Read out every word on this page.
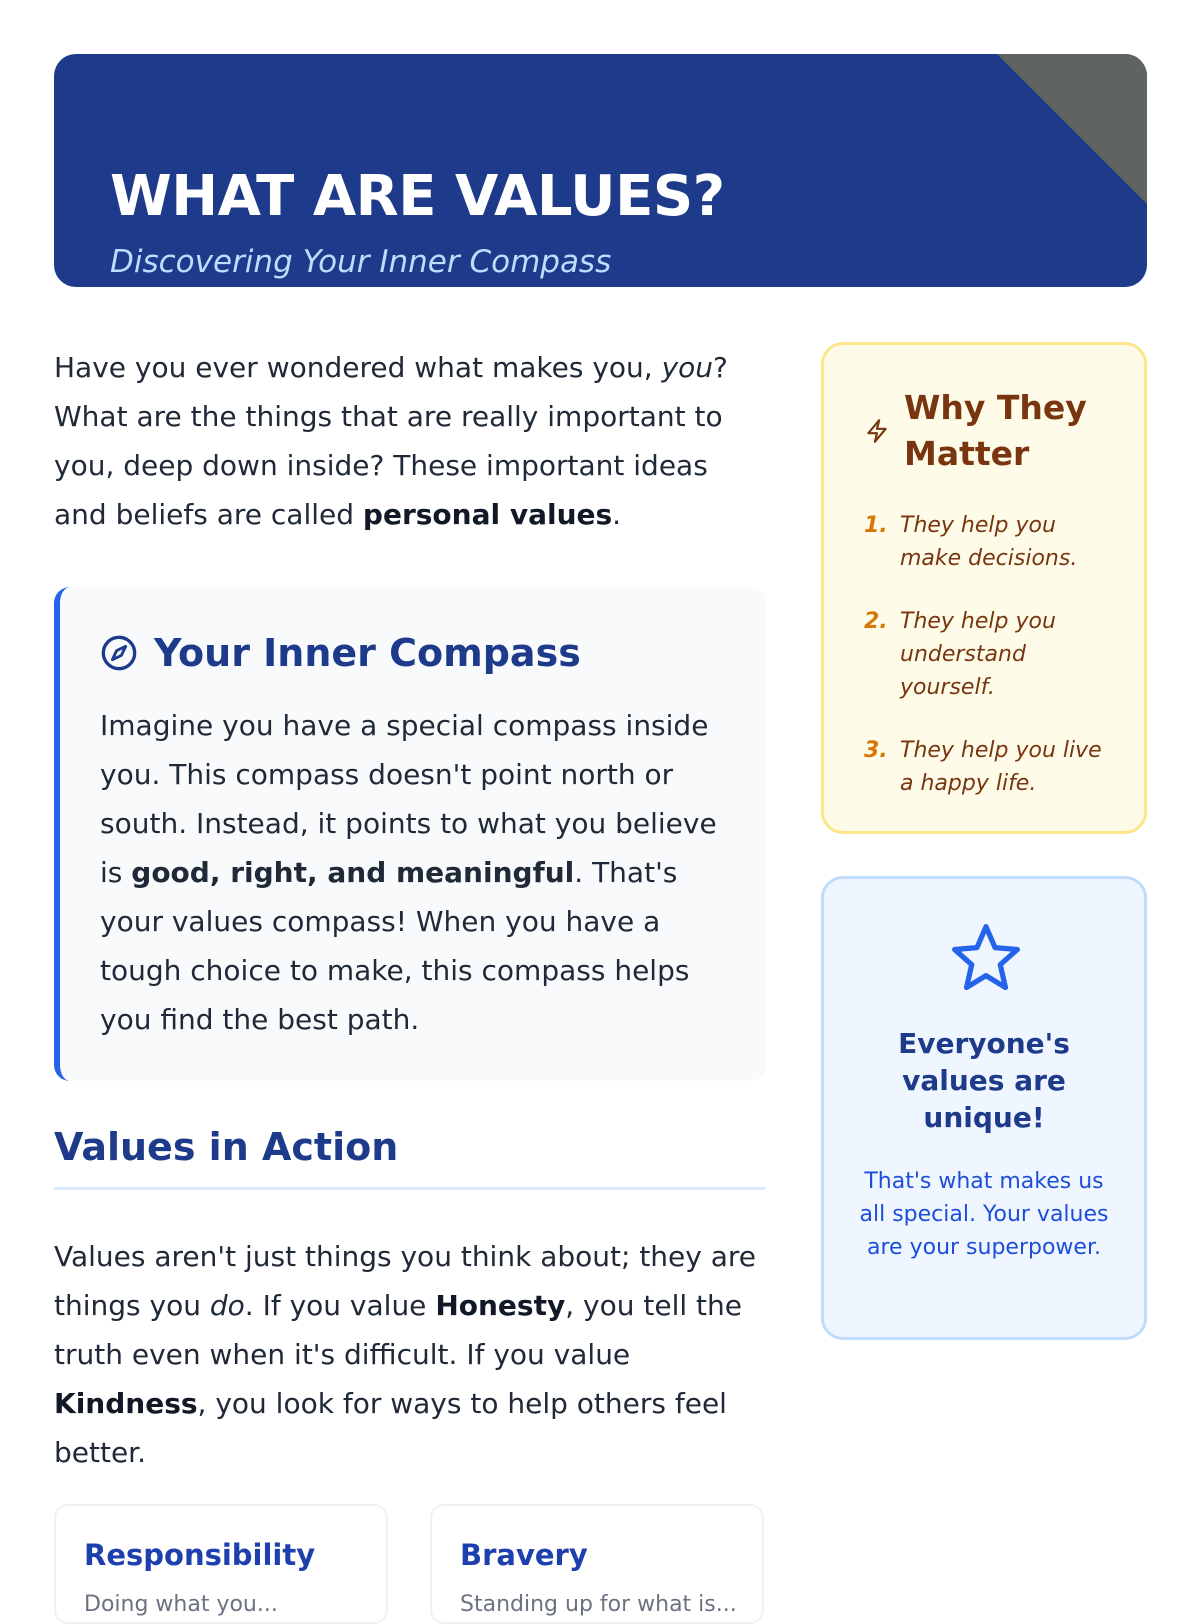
WHAT ARE VALUES?

Discovering Your Inner Compass

Have you ever wondered what makes you, you? What are the things that are really important to you, deep down inside? These important ideas and beliefs are called personal values.

Your Inner Compass

Imagine you have a special compass inside you. This compass doesn't point north or south. Instead, it points to what you believe is good, right, and meaningful. That's your values compass! When you have a tough choice to make, this compass helps you find the best path.

Values in Action

Values aren't just things you think about; they are things you do. If you value Honesty, you tell the truth even when it's difficult. If you value Kindness, you look for ways to help others feel better.

Responsibility
Doing what you...
Bravery
Standing up for what is...
Why They Matter
1. They help you make decisions.
2. They help you understand yourself.
3. They help you live a happy life.
Everyone's values are unique!
That's what makes us all special. Your values are your superpower.
